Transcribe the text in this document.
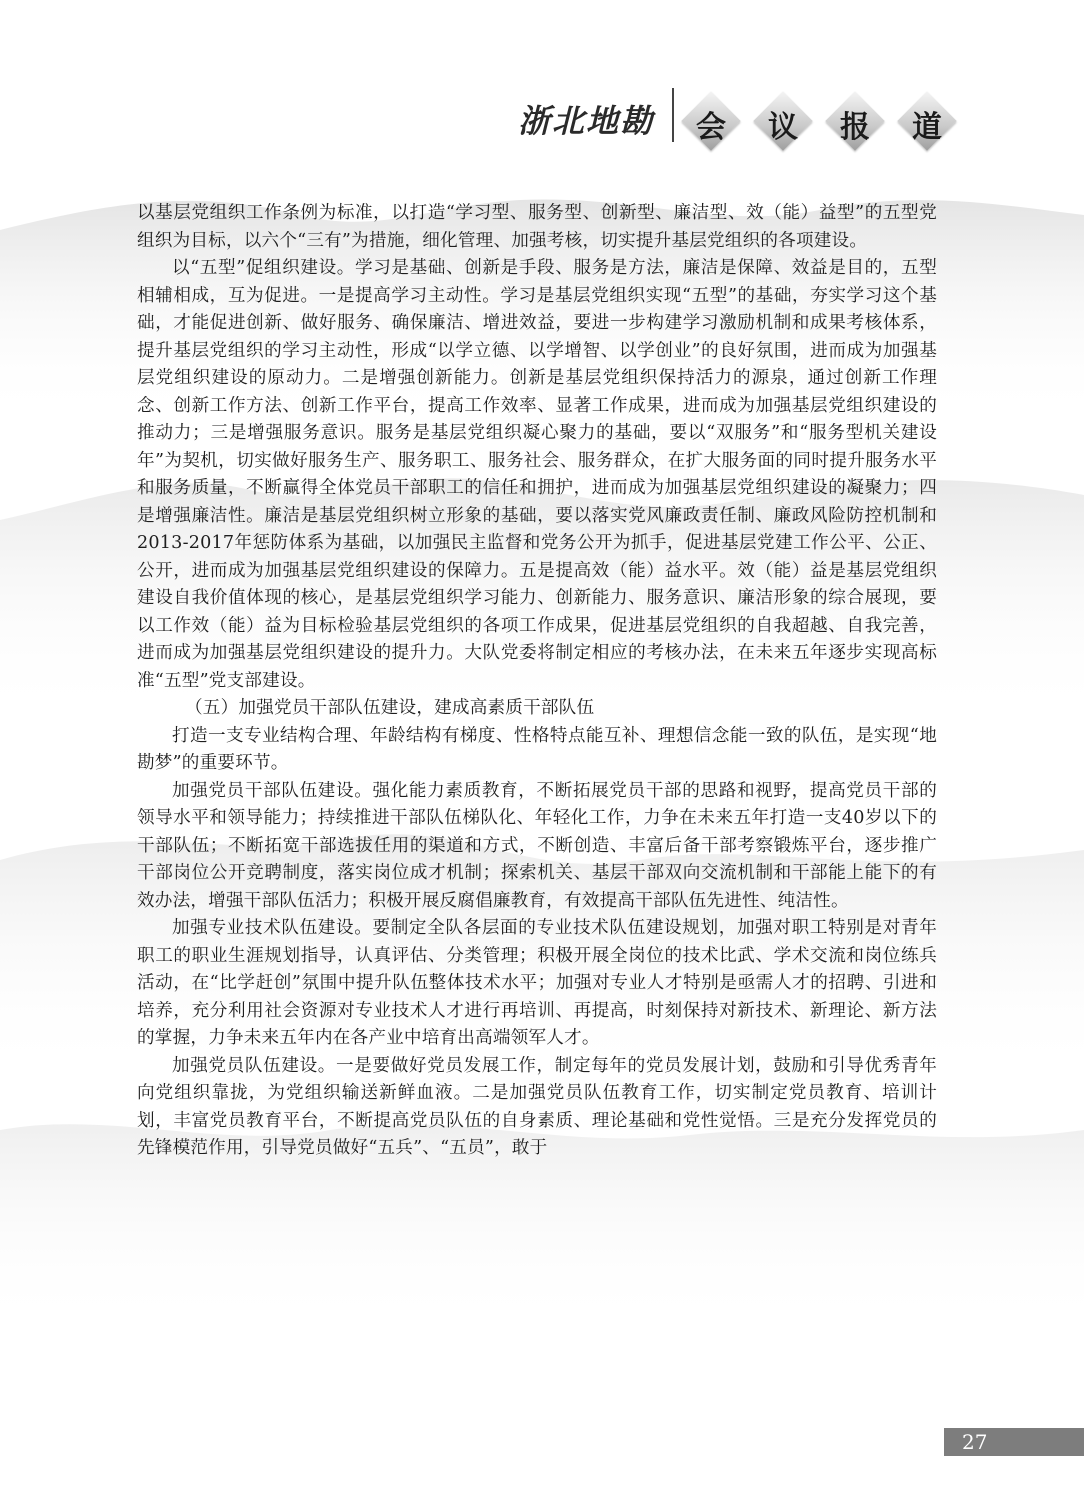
浙北地勘	会	议	报	道

以基层党组织工作条例为标准，以打造“学习型、服务型、创新型、廉洁型、效（能）益型”的五型党组织为目标，以六个“三有”为措施，细化管理、加强考核，切实提升基层党组织的各项建设。

以“五型”促组织建设。学习是基础、创新是手段、服务是方法，廉洁是保障、效益是目的，五型相辅相成，互为促进。一是提高学习主动性。学习是基层党组织实现“五型”的基础，夯实学习这个基础，才能促进创新、做好服务、确保廉洁、增进效益，要进一步构建学习激励机制和成果考核体系，提升基层党组织的学习主动性，形成“以学立德、以学增智、以学创业”的良好氛围，进而成为加强基层党组织建设的原动力。二是增强创新能力。创新是基层党组织保持活力的源泉，通过创新工作理念、创新工作方法、创新工作平台，提高工作效率、显著工作成果，进而成为加强基层党组织建设的推动力；三是增强服务意识。服务是基层党组织凝心聚力的基础，要以“双服务”和“服务型机关建设年”为契机，切实做好服务生产、服务职工、服务社会、服务群众，在扩大服务面的同时提升服务水平和服务质量，不断赢得全体党员干部职工的信任和拥护，进而成为加强基层党组织建设的凝聚力；四是增强廉洁性。廉洁是基层党组织树立形象的基础，要以落实党风廉政责任制、廉政风险防控机制和2013-2017年惩防体系为基础，以加强民主监督和党务公开为抓手，促进基层党建工作公平、公正、公开，进而成为加强基层党组织建设的保障力。五是提高效（能）益水平。效（能）益是基层党组织建设自我价值体现的核心，是基层党组织学习能力、创新能力、服务意识、廉洁形象的综合展现，要以工作效（能）益为目标检验基层党组织的各项工作成果，促进基层党组织的自我超越、自我完善，进而成为加强基层党组织建设的提升力。大队党委将制定相应的考核办法，在未来五年逐步实现高标准“五型”党支部建设。

（五）加强党员干部队伍建设，建成高素质干部队伍

打造一支专业结构合理、年龄结构有梯度、性格特点能互补、理想信念能一致的队伍，是实现“地勘梦”的重要环节。

加强党员干部队伍建设。强化能力素质教育，不断拓展党员干部的思路和视野，提高党员干部的领导水平和领导能力；持续推进干部队伍梯队化、年轻化工作，力争在未来五年打造一支40岁以下的干部队伍；不断拓宽干部选拔任用的渠道和方式，不断创造、丰富后备干部考察锻炼平台，逐步推广干部岗位公开竞聘制度，落实岗位成才机制；探索机关、基层干部双向交流机制和干部能上能下的有效办法，增强干部队伍活力；积极开展反腐倡廉教育，有效提高干部队伍先进性、纯洁性。

加强专业技术队伍建设。要制定全队各层面的专业技术队伍建设规划，加强对职工特别是对青年职工的职业生涯规划指导，认真评估、分类管理；积极开展全岗位的技术比武、学术交流和岗位练兵活动，在“比学赶创”氛围中提升队伍整体技术水平；加强对专业人才特别是亟需人才的招聘、引进和培养，充分利用社会资源对专业技术人才进行再培训、再提高，时刻保持对新技术、新理论、新方法的掌握，力争未来五年内在各产业中培育出高端领军人才。

加强党员队伍建设。一是要做好党员发展工作，制定每年的党员发展计划，鼓励和引导优秀青年向党组织靠拢，为党组织输送新鲜血液。二是加强党员队伍教育工作，切实制定党员教育、培训计划，丰富党员教育平台，不断提高党员队伍的自身素质、理论基础和党性觉悟。三是充分发挥党员的先锋模范作用，引导党员做好“五兵”、“五员”，敢于

27
